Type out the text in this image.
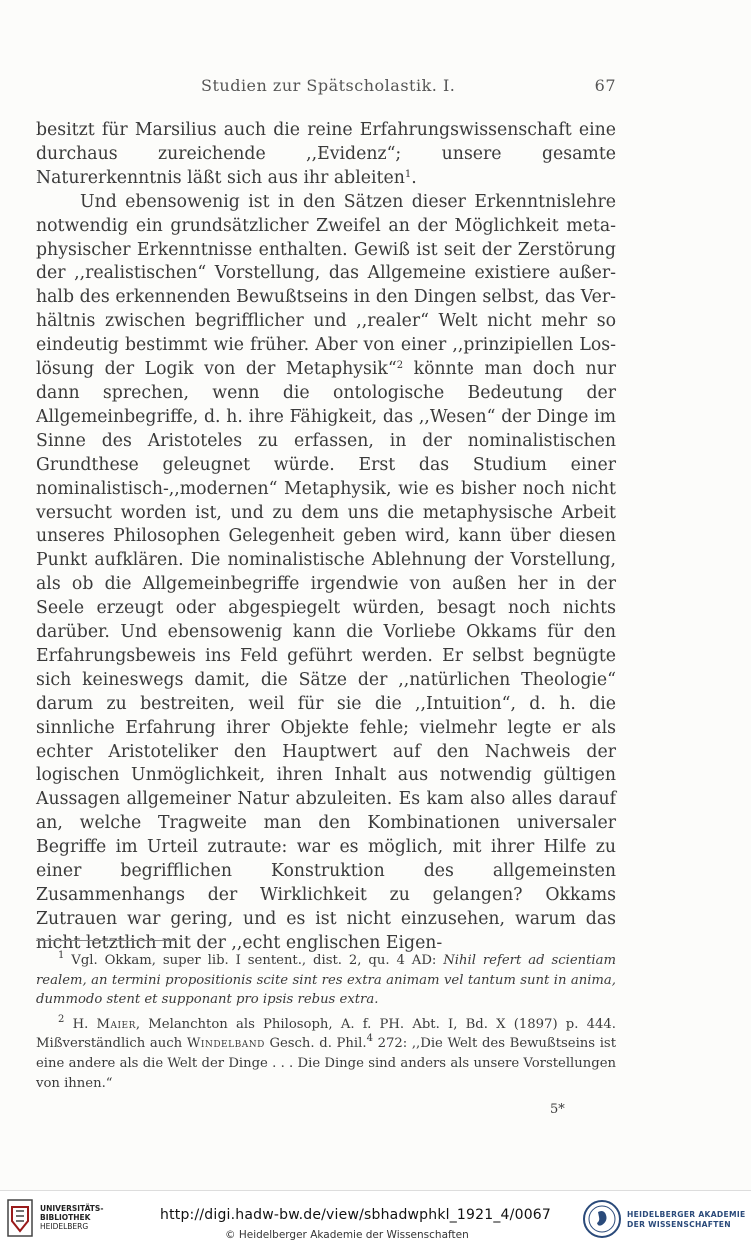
Studien zur Spätscholastik. I.	67

besitzt für Marsilius auch die reine Erfahrungswissenschaft eine durchaus zureichende ,,Evidenz“; unsere gesamte Naturerkenntnis läßt sich aus ihr ableiten$^1$.

Und ebensowenig ist in den Sätzen dieser Erkenntnislehre notwendig ein grundsätzlicher Zweifel an der Möglichkeit metaphysischer Erkenntnisse enthalten. Gewiß ist seit der Zerstörung der ,,realistischen“ Vorstellung, das Allgemeine existiere außerhalb des erkennenden Bewußtseins in den Dingen selbst, das Verhältnis zwischen begrifflicher und ,,realer“ Welt nicht mehr so eindeutig bestimmt wie früher. Aber von einer ,,prinzipiellen Loslösung der Logik von der Metaphysik“$^2$ könnte man doch nur dann sprechen, wenn die ontologische Bedeutung der Allgemeinbegriffe, d. h. ihre Fähigkeit, das ,,Wesen“ der Dinge im Sinne des Aristoteles zu erfassen, in der nominalistischen Grundthese geleugnet würde. Erst das Studium einer nominalistisch-,,modernen“ Metaphysik, wie es bisher noch nicht versucht worden ist, und zu dem uns die metaphysische Arbeit unseres Philosophen Gelegenheit geben wird, kann über diesen Punkt aufklären. Die nominalistische Ablehnung der Vorstellung, als ob die Allgemeinbegriffe irgendwie von außen her in der Seele erzeugt oder abgespiegelt würden, besagt noch nichts darüber. Und ebensowenig kann die Vorliebe Okkams für den Erfahrungsbeweis ins Feld geführt werden. Er selbst begnügte sich keineswegs damit, die Sätze der ,,natürlichen Theologie“ darum zu bestreiten, weil für sie die ,,Intuition“, d. h. die sinnliche Erfahrung ihrer Objekte fehle; vielmehr legte er als echter Aristoteliker den Hauptwert auf den Nachweis der logischen Unmöglichkeit, ihren Inhalt aus notwendig gültigen Aussagen allgemeiner Natur abzuleiten. Es kam also alles darauf an, welche Tragweite man den Kombinationen universaler Begriffe im Urteil zutraute: war es möglich, mit ihrer Hilfe zu einer begrifflichen Konstruktion des allgemeinsten Zusammenhangs der Wirklichkeit zu gelangen? Okkams Zutrauen war gering, und es ist nicht einzusehen, warum das nicht letztlich mit der ,,echt englischen Eigen-

$^1$ Vgl. Okkam, super lib. I sentent., dist. 2, qu. 4 AD: Nihil refert ad scientiam realem, an termini propositionis scite sint res extra animam vel tantum sunt in anima, dummodo stent et supponant pro ipsis rebus extra.

$^2$ H. Maier, Melanchton als Philosoph, A. f. PH. Abt. I, Bd. X (1897) p. 444. Mißverständlich auch Windelband Gesch. d. Phil.$^4$ 272: ,,Die Welt des Bewußtseins ist eine andere als die Welt der Dinge . . . Die Dinge sind anders als unsere Vorstellungen von ihnen.“

5*
UNIVERSITÄTS-
BIBLIOTHEK
HEIDELBERG
http://digi.hadw-bw.de/view/sbhadwphkl_1921_4/0067
© Heidelberger Akademie der Wissenschaften
HEIDELBERGER AKADEMIE
DER WISSENSCHAFTEN
